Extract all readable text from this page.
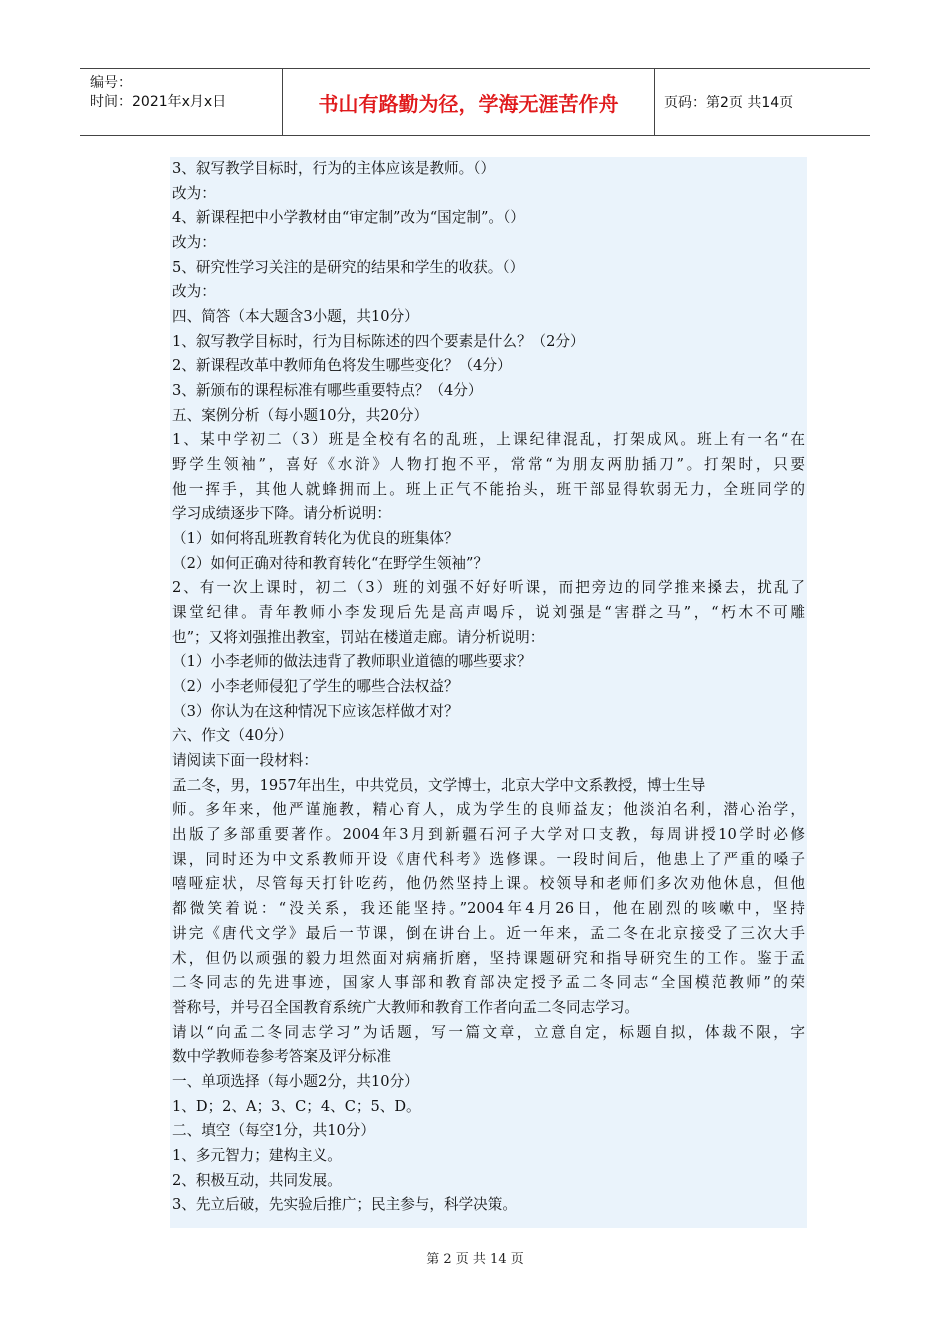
编号：
时间：2021年x月x日	书山有路勤为径，学海无涯苦作舟	页码：第2页 共14页
3、叙写教学目标时，行为的主体应该是教师。（）
改为：
4、新课程把中小学教材由“审定制”改为“国定制”。（）
改为：
5、研究性学习关注的是研究的结果和学生的收获。（）
改为：
四、简答（本大题含3小题，共10分）
1、叙写教学目标时，行为目标陈述的四个要素是什么？（2分）
2、新课程改革中教师角色将发生哪些变化？（4分）
3、新颁布的课程标准有哪些重要特点？（4分）
五、案例分析（每小题10分，共20分）
1、某中学初二（3）班是全校有名的乱班，上课纪律混乱，打架成风。班上有一名“在
野学生领袖”，喜好《水浒》人物打抱不平，常常“为朋友两肋插刀”。打架时，只要
他一挥手，其他人就蜂拥而上。班上正气不能抬头，班干部显得软弱无力，全班同学的
学习成绩逐步下降。请分析说明：
（1）如何将乱班教育转化为优良的班集体？
（2）如何正确对待和教育转化“在野学生领袖”？
2、有一次上课时，初二（3）班的刘强不好好听课，而把旁边的同学推来搡去，扰乱了
课堂纪律。青年教师小李发现后先是高声喝斥，说刘强是“害群之马”，“朽木不可雕
也”；又将刘强推出教室，罚站在楼道走廊。请分析说明：
（1）小李老师的做法违背了教师职业道德的哪些要求？
（2）小李老师侵犯了学生的哪些合法权益？
（3）你认为在这种情况下应该怎样做才对？
六、作文（40分）
请阅读下面一段材料：
孟二冬，男，1957年出生，中共党员，文学博士，北京大学中文系教授，博士生导
师。多年来，他严谨施教，精心育人，成为学生的良师益友；他淡泊名利，潜心治学，
出版了多部重要著作。2004年3月到新疆石河子大学对口支教，每周讲授10学时必修
课，同时还为中文系教师开设《唐代科考》选修课。一段时间后，他患上了严重的嗓子
嘻哑症状，尽管每天打针吃药，他仍然坚持上课。校领导和老师们多次劝他休息，但他
都微笑着说：“没关系，我还能坚持。”2004年4月26日，他在剧烈的咳嗽中，坚持
讲完《唐代文学》最后一节课，倒在讲台上。近一年来，孟二冬在北京接受了三次大手
术，但仍以顽强的毅力坦然面对病痛折磨，坚持课题研究和指导研究生的工作。鉴于孟
二冬同志的先进事迹，国家人事部和教育部决定授予孟二冬同志“全国模范教师”的荣
誉称号，并号召全国教育系统广大教师和教育工作者向孟二冬同志学习。
请以“向孟二冬同志学习”为话题，写一篇文章，立意自定，标题自拟，体裁不限，字
数中学教师卷参考答案及评分标准
一、单项选择（每小题2分，共10分）
1、D；2、A；3、C；4、C；5、D。
二、填空（每空1分，共10分）
1、多元智力；建构主义。
2、积极互动，共同发展。
3、先立后破，先实验后推广；民主参与，科学决策。
第 2 页 共 14 页
